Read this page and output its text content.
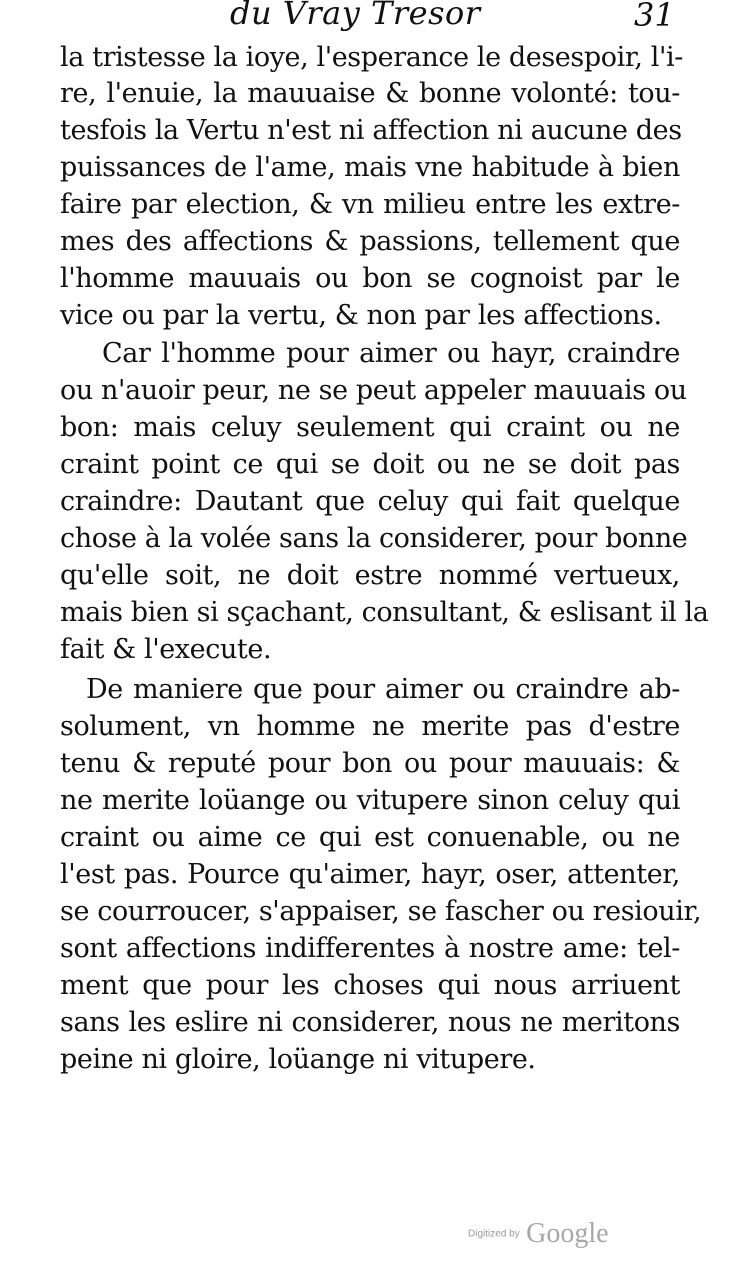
du Vray Tresor	31
la tristesse la ioye, l'esperance le desespoir, l'i-
re, l'enuie, la mauuaise & bonne volonté: tou-
tesfois la Vertu n'est ni affection ni aucune des
puissances de l'ame, mais vne habitude à bien
faire par election, & vn milieu entre les extre-
mes des affections & passions, tellement que
l'homme mauuais ou bon se cognoist par le
vice ou par la vertu, & non par les affections.
Car l'homme pour aimer ou hayr, craindre
ou n'auoir peur, ne se peut appeler mauuais ou
bon: mais celuy seulement qui craint ou ne
craint point ce qui se doit ou ne se doit pas
craindre: Dautant que celuy qui fait quelque
chose à la volée sans la considerer, pour bonne
qu'elle soit, ne doit estre nommé vertueux,
mais bien si sçachant, consultant, & eslisant il la
fait & l'execute.
De maniere que pour aimer ou craindre ab-
solument, vn homme ne merite pas d'estre
tenu & reputé pour bon ou pour mauuais: &
ne merite loüange ou vitupere sinon celuy qui
craint ou aime ce qui est conuenable, ou ne
l'est pas. Pource qu'aimer, hayr, oser, attenter,
se courroucer, s'appaiser, se fascher ou resiouir,
sont affections indifferentes à nostre ame: tel-
ment que pour les choses qui nous arriuent
sans les eslire ni considerer, nous ne meritons
peine ni gloire, loüange ni vitupere.
Digitized by Google
